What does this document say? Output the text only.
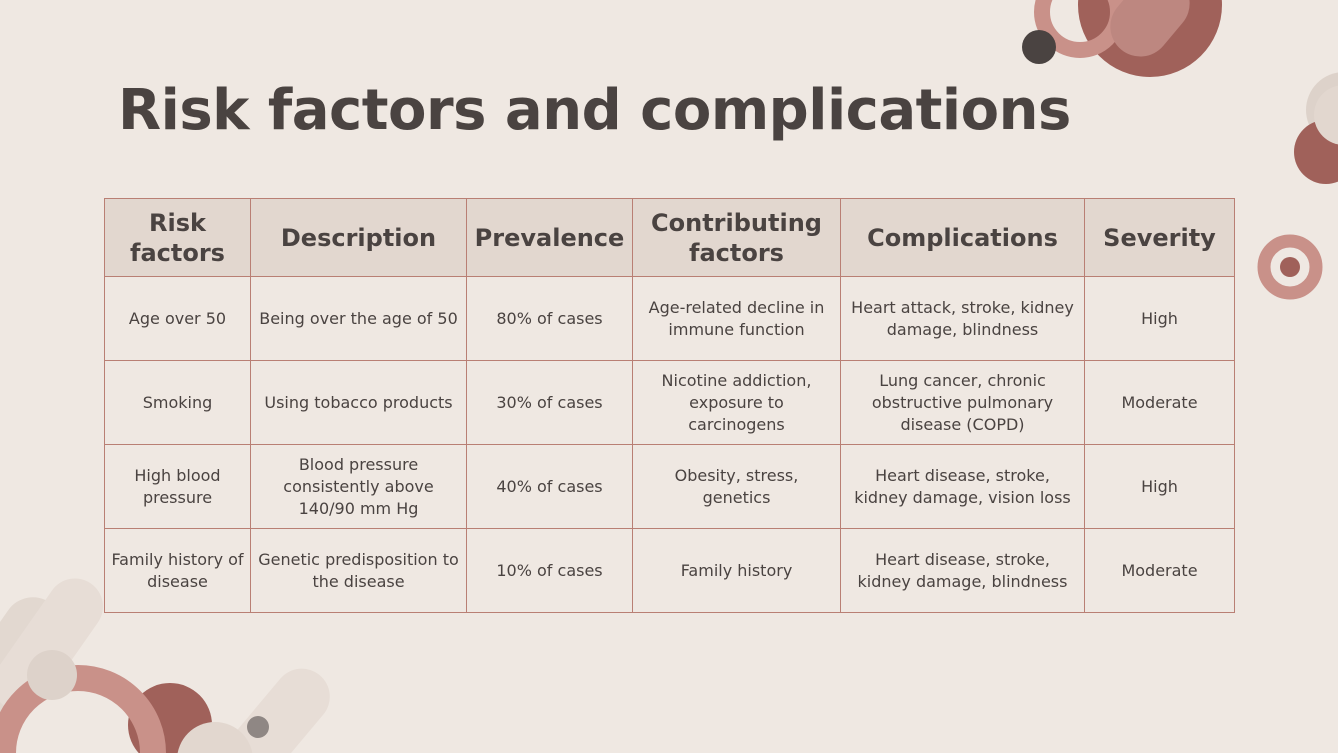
Risk factors and complications
Risk factors	Description	Prevalence	Contributing factors	Complications	Severity
Age over 50	Being over the age of 50	80% of cases	Age-related decline in immune function	Heart attack, stroke, kidney damage, blindness	High
Smoking	Using tobacco products	30% of cases	Nicotine addiction, exposure to carcinogens	Lung cancer, chronic obstructive pulmonary disease (COPD)	Moderate
High blood pressure	Blood pressure consistently above 140/90 mm Hg	40% of cases	Obesity, stress, genetics	Heart disease, stroke, kidney damage, vision loss	High
Family history of disease	Genetic predisposition to the disease	10% of cases	Family history	Heart disease, stroke, kidney damage, blindness	Moderate
